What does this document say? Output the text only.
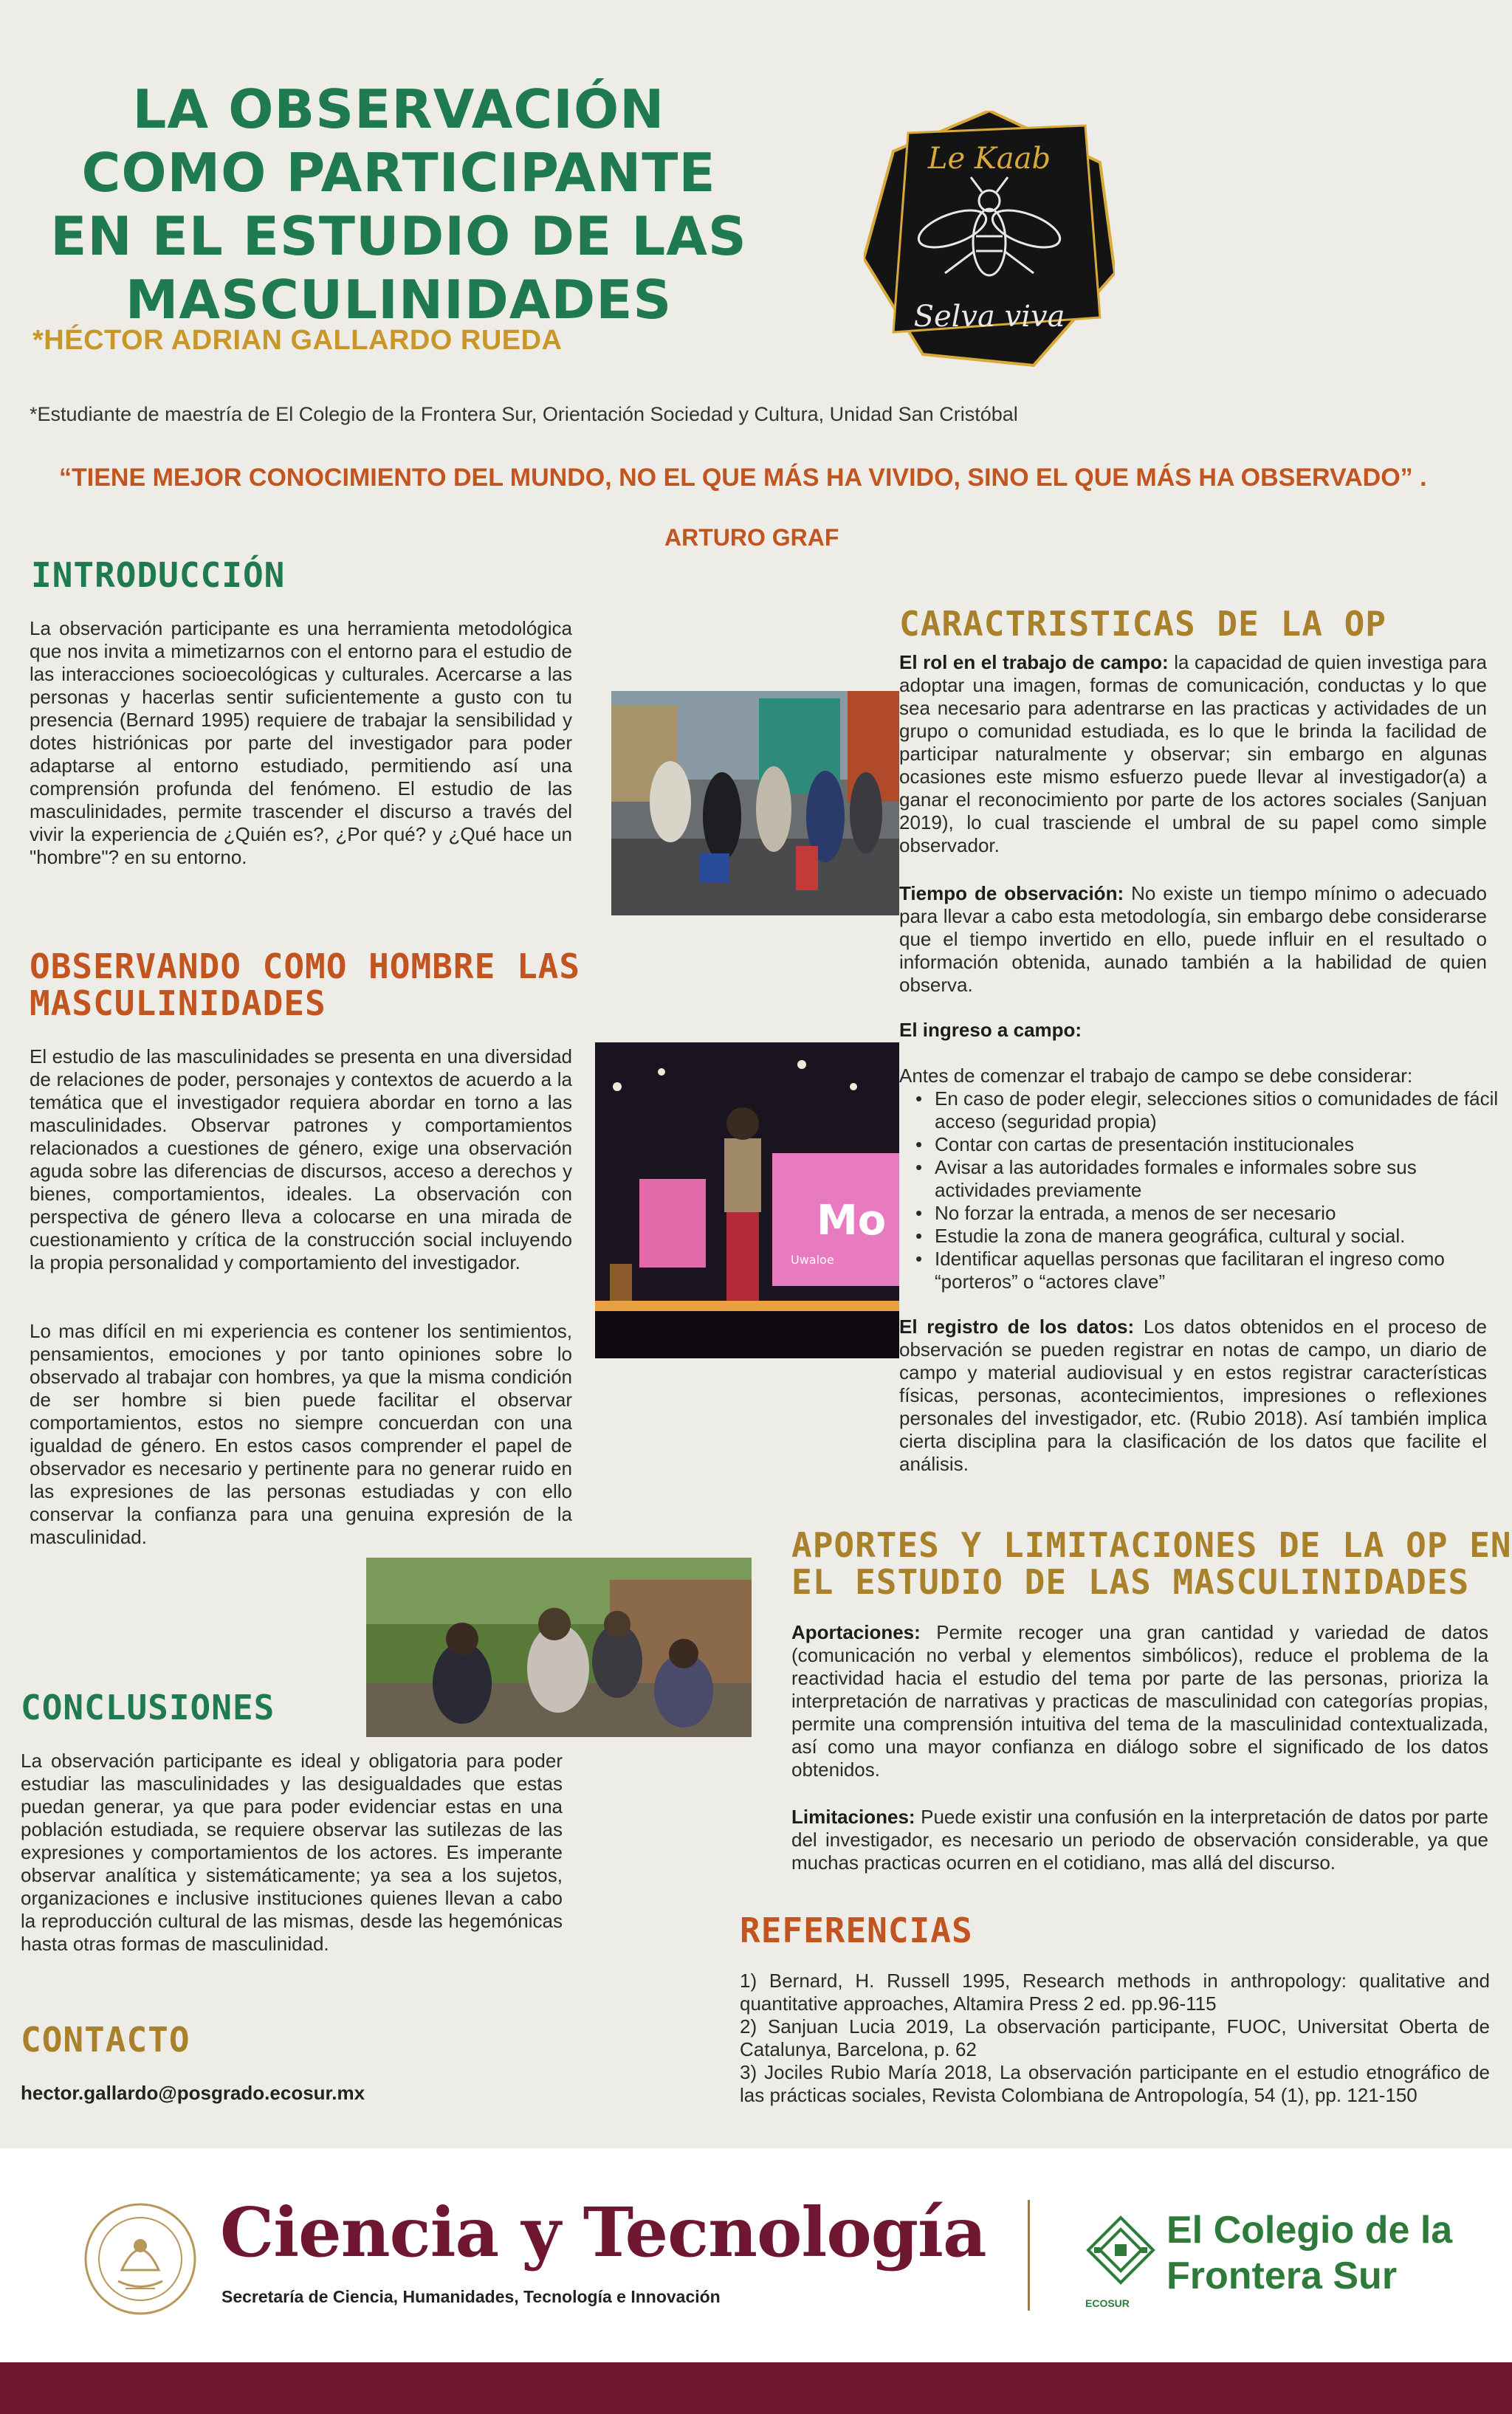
LA OBSERVACIÓN COMO PARTICIPANTE EN EL ESTUDIO DE LAS MASCULINIDADES
*HÉCTOR ADRIAN GALLARDO RUEDA
*Estudiante de maestría de El Colegio de la Frontera Sur, Orientación Sociedad y Cultura, Unidad San Cristóbal
“TIENE MEJOR CONOCIMIENTO DEL MUNDO, NO EL QUE MÁS HA VIVIDO, SINO EL QUE MÁS HA OBSERVADO” .
ARTURO GRAF
Le Kaab
Selva viva
INTRODUCCIÓN
La observación participante es una herramienta metodológica que nos invita a mimetizarnos con el entorno para el estudio de las interacciones socioecológicas y culturales. Acercarse a las personas y hacerlas sentir suficientemente a gusto con tu presencia (Bernard 1995) requiere de trabajar la sensibilidad y dotes histriónicas por parte del investigador para poder adaptarse al entorno estudiado, permitiendo así una comprensión profunda del fenómeno. El estudio de las masculinidades, permite trascender el discurso a través del vivir la experiencia de ¿Quién es?, ¿Por qué? y ¿Qué hace un "hombre"? en su entorno.
OBSERVANDO COMO HOMBRE LAS
MASCULINIDADES
El estudio de las masculinidades se presenta en una diversidad de relaciones de poder, personajes y contextos de acuerdo a la temática que el investigador requiera abordar en torno a las masculinidades. Observar patrones y comportamientos relacionados a cuestiones de género, exige una observación aguda sobre las diferencias de discursos, acceso a derechos y bienes, comportamientos, ideales. La observación con perspectiva de género lleva a colocarse en una mirada de cuestionamiento y crítica de la construcción social incluyendo la propia personalidad y comportamiento del investigador.
Lo mas difícil en mi experiencia es contener los sentimientos, pensamientos, emociones y por tanto opiniones sobre lo observado al trabajar con hombres, ya que la misma condición de ser hombre si bien puede facilitar el observar comportamientos, estos no siempre concuerdan con una igualdad de género. En estos casos comprender el papel de observador es necesario y pertinente para no generar ruido en las expresiones de las personas estudiadas y con ello conservar la confianza para una genuina expresión de la masculinidad.
Mo
Uwaloe
CONCLUSIONES
La observación participante es ideal y obligatoria para poder estudiar las masculinidades y las desigualdades que estas puedan generar, ya que para poder evidenciar estas en una población estudiada, se requiere observar las sutilezas de las expresiones y comportamientos de los actores. Es imperante observar analítica y sistemáticamente; ya sea a los sujetos, organizaciones e inclusive instituciones quienes llevan a cabo la reproducción cultural de las mismas, desde las hegemónicas hasta otras formas de masculinidad.
CONTACTO
hector.gallardo@posgrado.ecosur.mx
CARACTRISTICAS DE LA OP
El rol en el trabajo de campo: la capacidad de quien investiga para adoptar una imagen, formas de comunicación, conductas y lo que sea necesario para adentrarse en las practicas y actividades de un grupo o comunidad estudiada, es lo que le brinda la facilidad de participar naturalmente y observar; sin embargo en algunas ocasiones este mismo esfuerzo puede llevar al investigador(a) a ganar el reconocimiento por parte de los actores sociales (Sanjuan 2019), lo cual trasciende el umbral de su papel como simple observador.
Tiempo de observación: No existe un tiempo mínimo o adecuado para llevar a cabo esta metodología, sin embargo debe considerarse que el tiempo invertido en ello, puede influir en el resultado o información obtenida, aunado también a la habilidad de quien observa.
El ingreso a campo:
Antes de comenzar el trabajo de campo se debe considerar:
• En caso de poder elegir, selecciones sitios o comunidades de fácil acceso (seguridad propia)
• Contar con cartas de presentación institucionales
• Avisar a las autoridades formales e informales sobre sus actividades previamente
• No forzar la entrada, a menos de ser necesario
• Estudie la zona de manera geográfica, cultural y social.
• Identificar aquellas personas que facilitaran el ingreso como “porteros” o “actores clave”
El registro de los datos: Los datos obtenidos en el proceso de observación se pueden registrar en notas de campo, un diario de campo y material audiovisual y en estos registrar características físicas, personas, acontecimientos, impresiones o reflexiones personales del investigador, etc. (Rubio 2018). Así también implica cierta disciplina para la clasificación de los datos que facilite el análisis.
APORTES Y LIMITACIONES DE LA OP EN
EL ESTUDIO DE LAS MASCULINIDADES
Aportaciones: Permite recoger una gran cantidad y variedad de datos (comunicación no verbal y elementos simbólicos), reduce el problema de la reactividad hacia el estudio del tema por parte de las personas, prioriza la interpretación de narrativas y practicas de masculinidad con categorías propias, permite una comprensión intuitiva del tema de la masculinidad contextualizada, así como una mayor confianza en diálogo sobre el significado de los datos obtenidos.
Limitaciones: Puede existir una confusión en la interpretación de datos por parte del investigador, es necesario un periodo de observación considerable, ya que muchas practicas ocurren en el cotidiano, mas allá del discurso.
REFERENCIAS
1) Bernard, H. Russell 1995, Research methods in anthropology: qualitative and quantitative approaches, Altamira Press 2 ed. pp.96-115
2) Sanjuan Lucia 2019, La observación participante, FUOC, Universitat Oberta de Catalunya, Barcelona, p. 62
3) Jociles Rubio María 2018, La observación participante en el estudio etnográfico de las prácticas sociales, Revista Colombiana de Antropología, 54 (1), pp. 121-150
Ciencia y Tecnología
Secretaría de Ciencia, Humanidades, Tecnología e Innovación	ECOSUR
El Colegio de la
Frontera Sur
